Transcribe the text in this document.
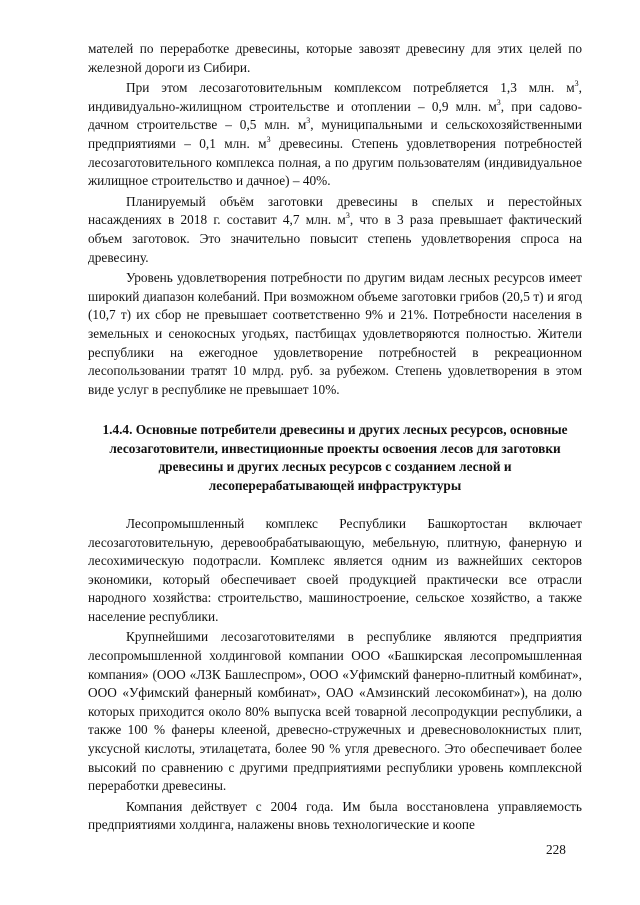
мателей по переработке древесины, которые завозят древесину для этих целей по железной дороги из Сибири.

При этом лесозаготовительным комплексом потребляется 1,3 млн. $м^3$, индивидуально-жилищном строительстве и отоплении – 0,9 млн. $м^3$, при садово-дачном строительстве – 0,5 млн. $м^3$, муниципальными и сельскохозяйственными предприятиями – 0,1 млн. $м^3$ древесины. Степень удовлетворения потребностей лесозаготовительного комплекса полная, а по другим пользователям (индивидуальное жилищное строительство и дачное) – 40%.

Планируемый объём заготовки древесины в спелых и перестойных насаждениях в 2018 г. составит 4,7 млн. $м^3$, что в 3 раза превышает фактический объем заготовок. Это значительно повысит степень удовлетворения спроса на древесину.

Уровень удовлетворения потребности по другим видам лесных ресурсов имеет широкий диапазон колебаний. При возможном объеме заготовки грибов (20,5 т) и ягод (10,7 т) их сбор не превышает соответственно 9% и 21%. Потребности населения в земельных и сенокосных угодьях, пастбищах удовлетворяются полностью. Жители республики на ежегодное удовлетворение потребностей в рекреационном лесопользовании тратят 10 млрд. руб. за рубежом. Степень удовлетворения в этом виде услуг в республике не превышает 10%.

1.4.4. Основные потребители древесины и других лесных ресурсов, основные лесозаготовители, инвестиционные проекты освоения лесов для заготовки древесины и других лесных ресурсов с созданием лесной и лесоперерабатывающей инфраструктуры

Лесопромышленный комплекс Республики Башкортостан включает лесозаготовительную, деревообрабатывающую, мебельную, плитную, фанерную и лесохимическую подотрасли. Комплекс является одним из важнейших секторов экономики, который обеспечивает своей продукцией практически все отрасли народного хозяйства: строительство, машиностроение, сельское хозяйство, а также население республики.

Крупнейшими лесозаготовителями в республике являются предприятия лесопромышленной холдинговой компании ООО «Башкирская лесопромышленная компания» (ООО «ЛЗК Башлеспром», ООО «Уфимский фанерно-плитный комбинат», ООО «Уфимский фанерный комбинат», ОАО «Амзинский лесокомбинат»), на долю которых приходится около 80% выпуска всей товарной лесопродукции республики, а также 100 % фанеры клееной, древесно-стружечных и древесноволокнистых плит, уксусной кислоты, этилацетата, более 90 % угля древесного. Это обеспечивает более высокий по сравнению с другими предприятиями республики уровень комплексной переработки древесины.

Компания действует с 2004 года. Им была восстановлена управляемость предприятиями холдинга, налажены вновь технологические и коопе

228
